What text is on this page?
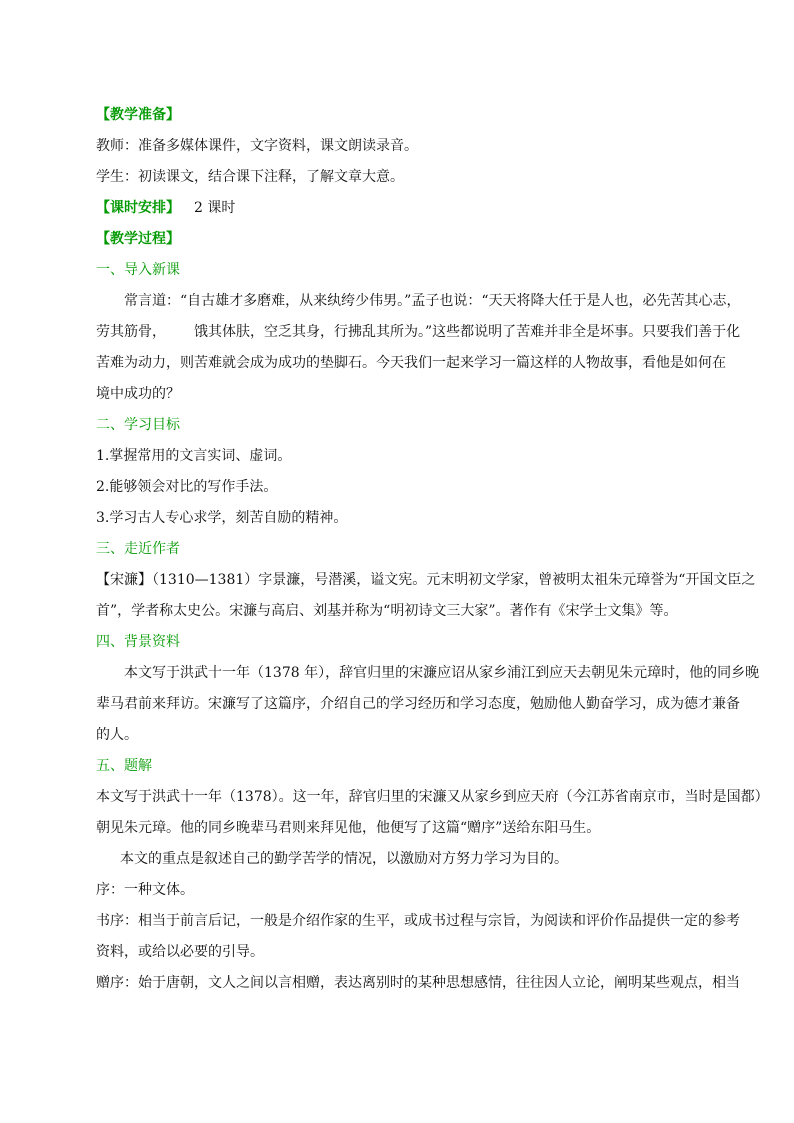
【教学准备】

教师：准备多媒体课件，文字资料，课文朗读录音。

学生：初读课文，结合课下注释，了解文章大意。

【课时安排】 2 课时

【教学过程】

一、导入新课

常言道：“自古雄才多磨难，从来纨绔少伟男。”孟子也说：“天天将降大任于是人也，必先苦其心志，

劳其筋骨， 饿其体肤，空乏其身，行拂乱其所为。”这些都说明了苦难并非全是坏事。只要我们善于化

苦难为动力，则苦难就会成为成功的垫脚石。今天我们一起来学习一篇这样的人物故事，看他是如何在

境中成功的？

二、学习目标

1.掌握常用的文言实词、虚词。

2.能够领会对比的写作手法。

3.学习古人专心求学，刻苦自励的精神。

三、走近作者

【宋濂】（1310—1381）字景濂，号潜溪，谥文宪。元末明初文学家，曾被明太祖朱元璋誉为“开国文臣之

首”，学者称太史公。宋濂与高启、刘基并称为“明初诗文三大家”。著作有《宋学士文集》等。

四、背景资料

本文写于洪武十一年（1378 年），辞官归里的宋濂应诏从家乡浦江到应天去朝见朱元璋时，他的同乡晚

辈马君前来拜访。宋濂写了这篇序，介绍自己的学习经历和学习态度，勉励他人勤奋学习，成为德才兼备

的人。

五、题解

本文写于洪武十一年（1378）。这一年，辞官归里的宋濂又从家乡到应天府（今江苏省南京市，当时是国都）

朝见朱元璋。他的同乡晚辈马君则来拜见他，他便写了这篇“赠序”送给东阳马生。

本文的重点是叙述自己的勤学苦学的情况，以激励对方努力学习为目的。

序：一种文体。

书序：相当于前言后记，一般是介绍作家的生平，或成书过程与宗旨，为阅读和评价作品提供一定的参考

资料，或给以必要的引导。

赠序：始于唐朝，文人之间以言相赠，表达离别时的某种思想感情，往往因人立论，阐明某些观点，相当
